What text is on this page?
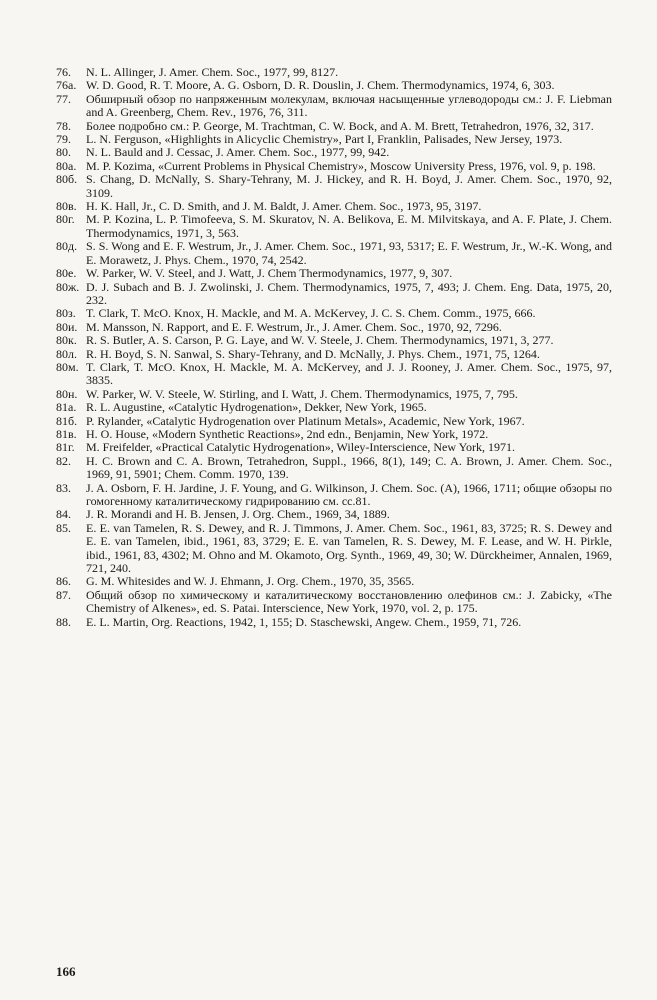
76. N. L. Allinger, J. Amer. Chem. Soc., 1977, 99, 8127.

76a. W. D. Good, R. T. Moore, A. G. Osborn, D. R. Douslin, J. Chem. Thermodynamics, 1974, 6, 303.

77. Обширный обзор по напряженным молекулам, включая насыщенные углеводороды см.: J. F. Liebman and A. Greenberg, Chem. Rev., 1976, 76, 311.

78. Более подробно см.: P. George, M. Trachtman, C. W. Bock, and A. M. Brett, Tetrahedron, 1976, 32, 317.

79. L. N. Ferguson, «Highlights in Alicyclic Chemistry», Part I, Franklin, Palisades, New Jersey, 1973.

80. N. L. Bauld and J. Cessac, J. Amer. Chem. Soc., 1977, 99, 942.

80a. M. P. Kozima, «Current Problems in Physical Chemistry», Moscow University Press, 1976, vol. 9, p. 198.

80б. S. Chang, D. McNally, S. Shary-Tehrany, M. J. Hickey, and R. H. Boyd, J. Amer. Chem. Soc., 1970, 92, 3109.

80в. H. K. Hall, Jr., C. D. Smith, and J. M. Baldt, J. Amer. Chem. Soc., 1973, 95, 3197.

80г. M. P. Kozina, L. P. Timofeeva, S. M. Skuratov, N. A. Belikova, E. M. Milvitskaya, and A. F. Plate, J. Chem. Thermodynamics, 1971, 3, 563.

80д. S. S. Wong and E. F. Westrum, Jr., J. Amer. Chem. Soc., 1971, 93, 5317; E. F. Westrum, Jr., W.-K. Wong, and E. Morawetz, J. Phys. Chem., 1970, 74, 2542.

80е. W. Parker, W. V. Steel, and J. Watt, J. Chem Thermodynamics, 1977, 9, 307.

80ж. D. J. Subach and B. J. Zwolinski, J. Chem. Thermodynamics, 1975, 7, 493; J. Chem. Eng. Data, 1975, 20, 232.

80з. T. Clark, T. McO. Knox, H. Mackle, and M. A. McKervey, J. C. S. Chem. Comm., 1975, 666.

80и. M. Mansson, N. Rapport, and E. F. Westrum, Jr., J. Amer. Chem. Soc., 1970, 92, 7296.

80к. R. S. Butler, A. S. Carson, P. G. Laye, and W. V. Steele, J. Chem. Thermodynamics, 1971, 3, 277.

80л. R. H. Boyd, S. N. Sanwal, S. Shary-Tehrany, and D. McNally, J. Phys. Chem., 1971, 75, 1264.

80м. T. Clark, T. McO. Knox, H. Mackle, M. A. McKervey, and J. J. Rooney, J. Amer. Chem. Soc., 1975, 97, 3835.

80н. W. Parker, W. V. Steele, W. Stirling, and I. Watt, J. Chem. Thermodynamics, 1975, 7, 795.

81a. R. L. Augustine, «Catalytic Hydrogenation», Dekker, New York, 1965.

81б. P. Rylander, «Catalytic Hydrogenation over Platinum Metals», Academic, New York, 1967.

81в. H. O. House, «Modern Synthetic Reactions», 2nd edn., Benjamin, New York, 1972.

81г. M. Freifelder, «Practical Catalytic Hydrogenation», Wiley-Interscience, New York, 1971.

82. H. C. Brown and C. A. Brown, Tetrahedron, Suppl., 1966, 8(1), 149; C. A. Brown, J. Amer. Chem. Soc., 1969, 91, 5901; Chem. Comm. 1970, 139.

83. J. A. Osborn, F. H. Jardine, J. F. Young, and G. Wilkinson, J. Chem. Soc. (A), 1966, 1711; общие обзоры по гомогенному каталитическому гидрированию см. сс.81.

84. J. R. Morandi and H. B. Jensen, J. Org. Chem., 1969, 34, 1889.

85. E. E. van Tamelen, R. S. Dewey, and R. J. Timmons, J. Amer. Chem. Soc., 1961, 83, 3725; R. S. Dewey and E. E. van Tamelen, ibid., 1961, 83, 3729; E. E. van Tamelen, R. S. Dewey, M. F. Lease, and W. H. Pirkle, ibid., 1961, 83, 4302; M. Ohno and M. Okamoto, Org. Synth., 1969, 49, 30; W. Dürckheimer, Annalen, 1969, 721, 240.

86. G. M. Whitesides and W. J. Ehmann, J. Org. Chem., 1970, 35, 3565.

87. Общий обзор по химическому и каталитическому восстановлению олефинов см.: J. Zabicky, «The Chemistry of Alkenes», ed. S. Patai. Interscience, New York, 1970, vol. 2, p. 175.

88. E. L. Martin, Org. Reactions, 1942, 1, 155; D. Staschewski, Angew. Chem., 1959, 71, 726.

166
